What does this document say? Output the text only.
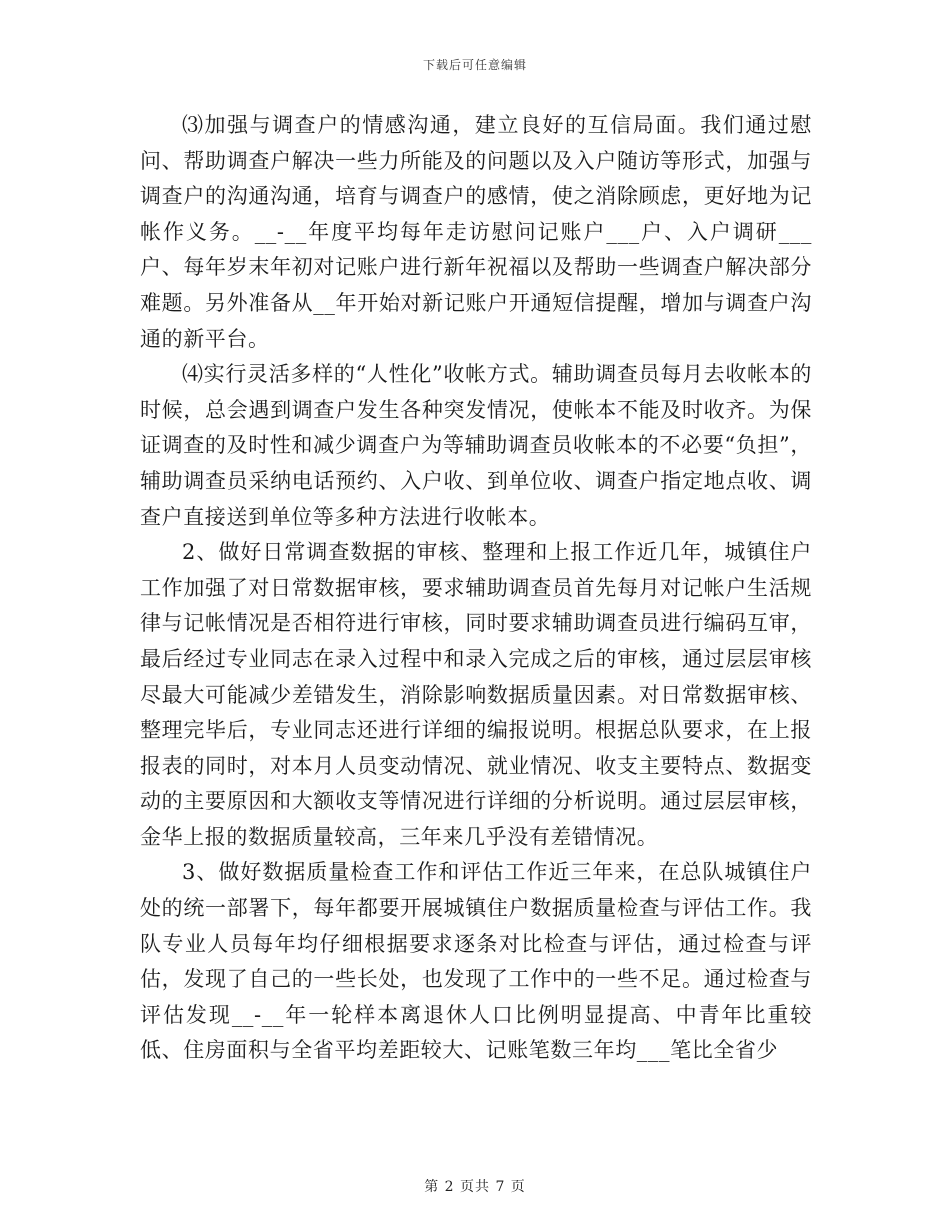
下载后可任意编辑

⑶加强与调查户的情感沟通，建立良好的互信局面。我们通过慰问、帮助调查户解决一些力所能及的问题以及入户随访等形式，加强与调查户的沟通沟通，培育与调查户的感情，使之消除顾虑，更好地为记帐作义务。__-__年度平均每年走访慰问记账户___户、入户调研___户、每年岁末年初对记账户进行新年祝福以及帮助一些调查户解决部分难题。另外准备从__年开始对新记账户开通短信提醒，增加与调查户沟通的新平台。

⑷实行灵活多样的“人性化”收帐方式。辅助调查员每月去收帐本的时候，总会遇到调查户发生各种突发情况，使帐本不能及时收齐。为保证调查的及时性和减少调查户为等辅助调查员收帐本的不必要“负担”，辅助调查员采纳电话预约、入户收、到单位收、调查户指定地点收、调查户直接送到单位等多种方法进行收帐本。

2、做好日常调查数据的审核、整理和上报工作近几年，城镇住户工作加强了对日常数据审核，要求辅助调查员首先每月对记帐户生活规律与记帐情况是否相符进行审核，同时要求辅助调查员进行编码互审，最后经过专业同志在录入过程中和录入完成之后的审核，通过层层审核尽最大可能减少差错发生，消除影响数据质量因素。对日常数据审核、整理完毕后，专业同志还进行详细的编报说明。根据总队要求，在上报报表的同时，对本月人员变动情况、就业情况、收支主要特点、数据变动的主要原因和大额收支等情况进行详细的分析说明。通过层层审核，金华上报的数据质量较高，三年来几乎没有差错情况。

3、做好数据质量检查工作和评估工作近三年来，在总队城镇住户处的统一部署下，每年都要开展城镇住户数据质量检查与评估工作。我队专业人员每年均仔细根据要求逐条对比检查与评估，通过检查与评估，发现了自己的一些长处，也发现了工作中的一些不足。通过检查与评估发现__-__年一轮样本离退休人口比例明显提高、中青年比重较低、住房面积与全省平均差距较大、记账笔数三年均___笔比全省少

第 2 页共 7 页
